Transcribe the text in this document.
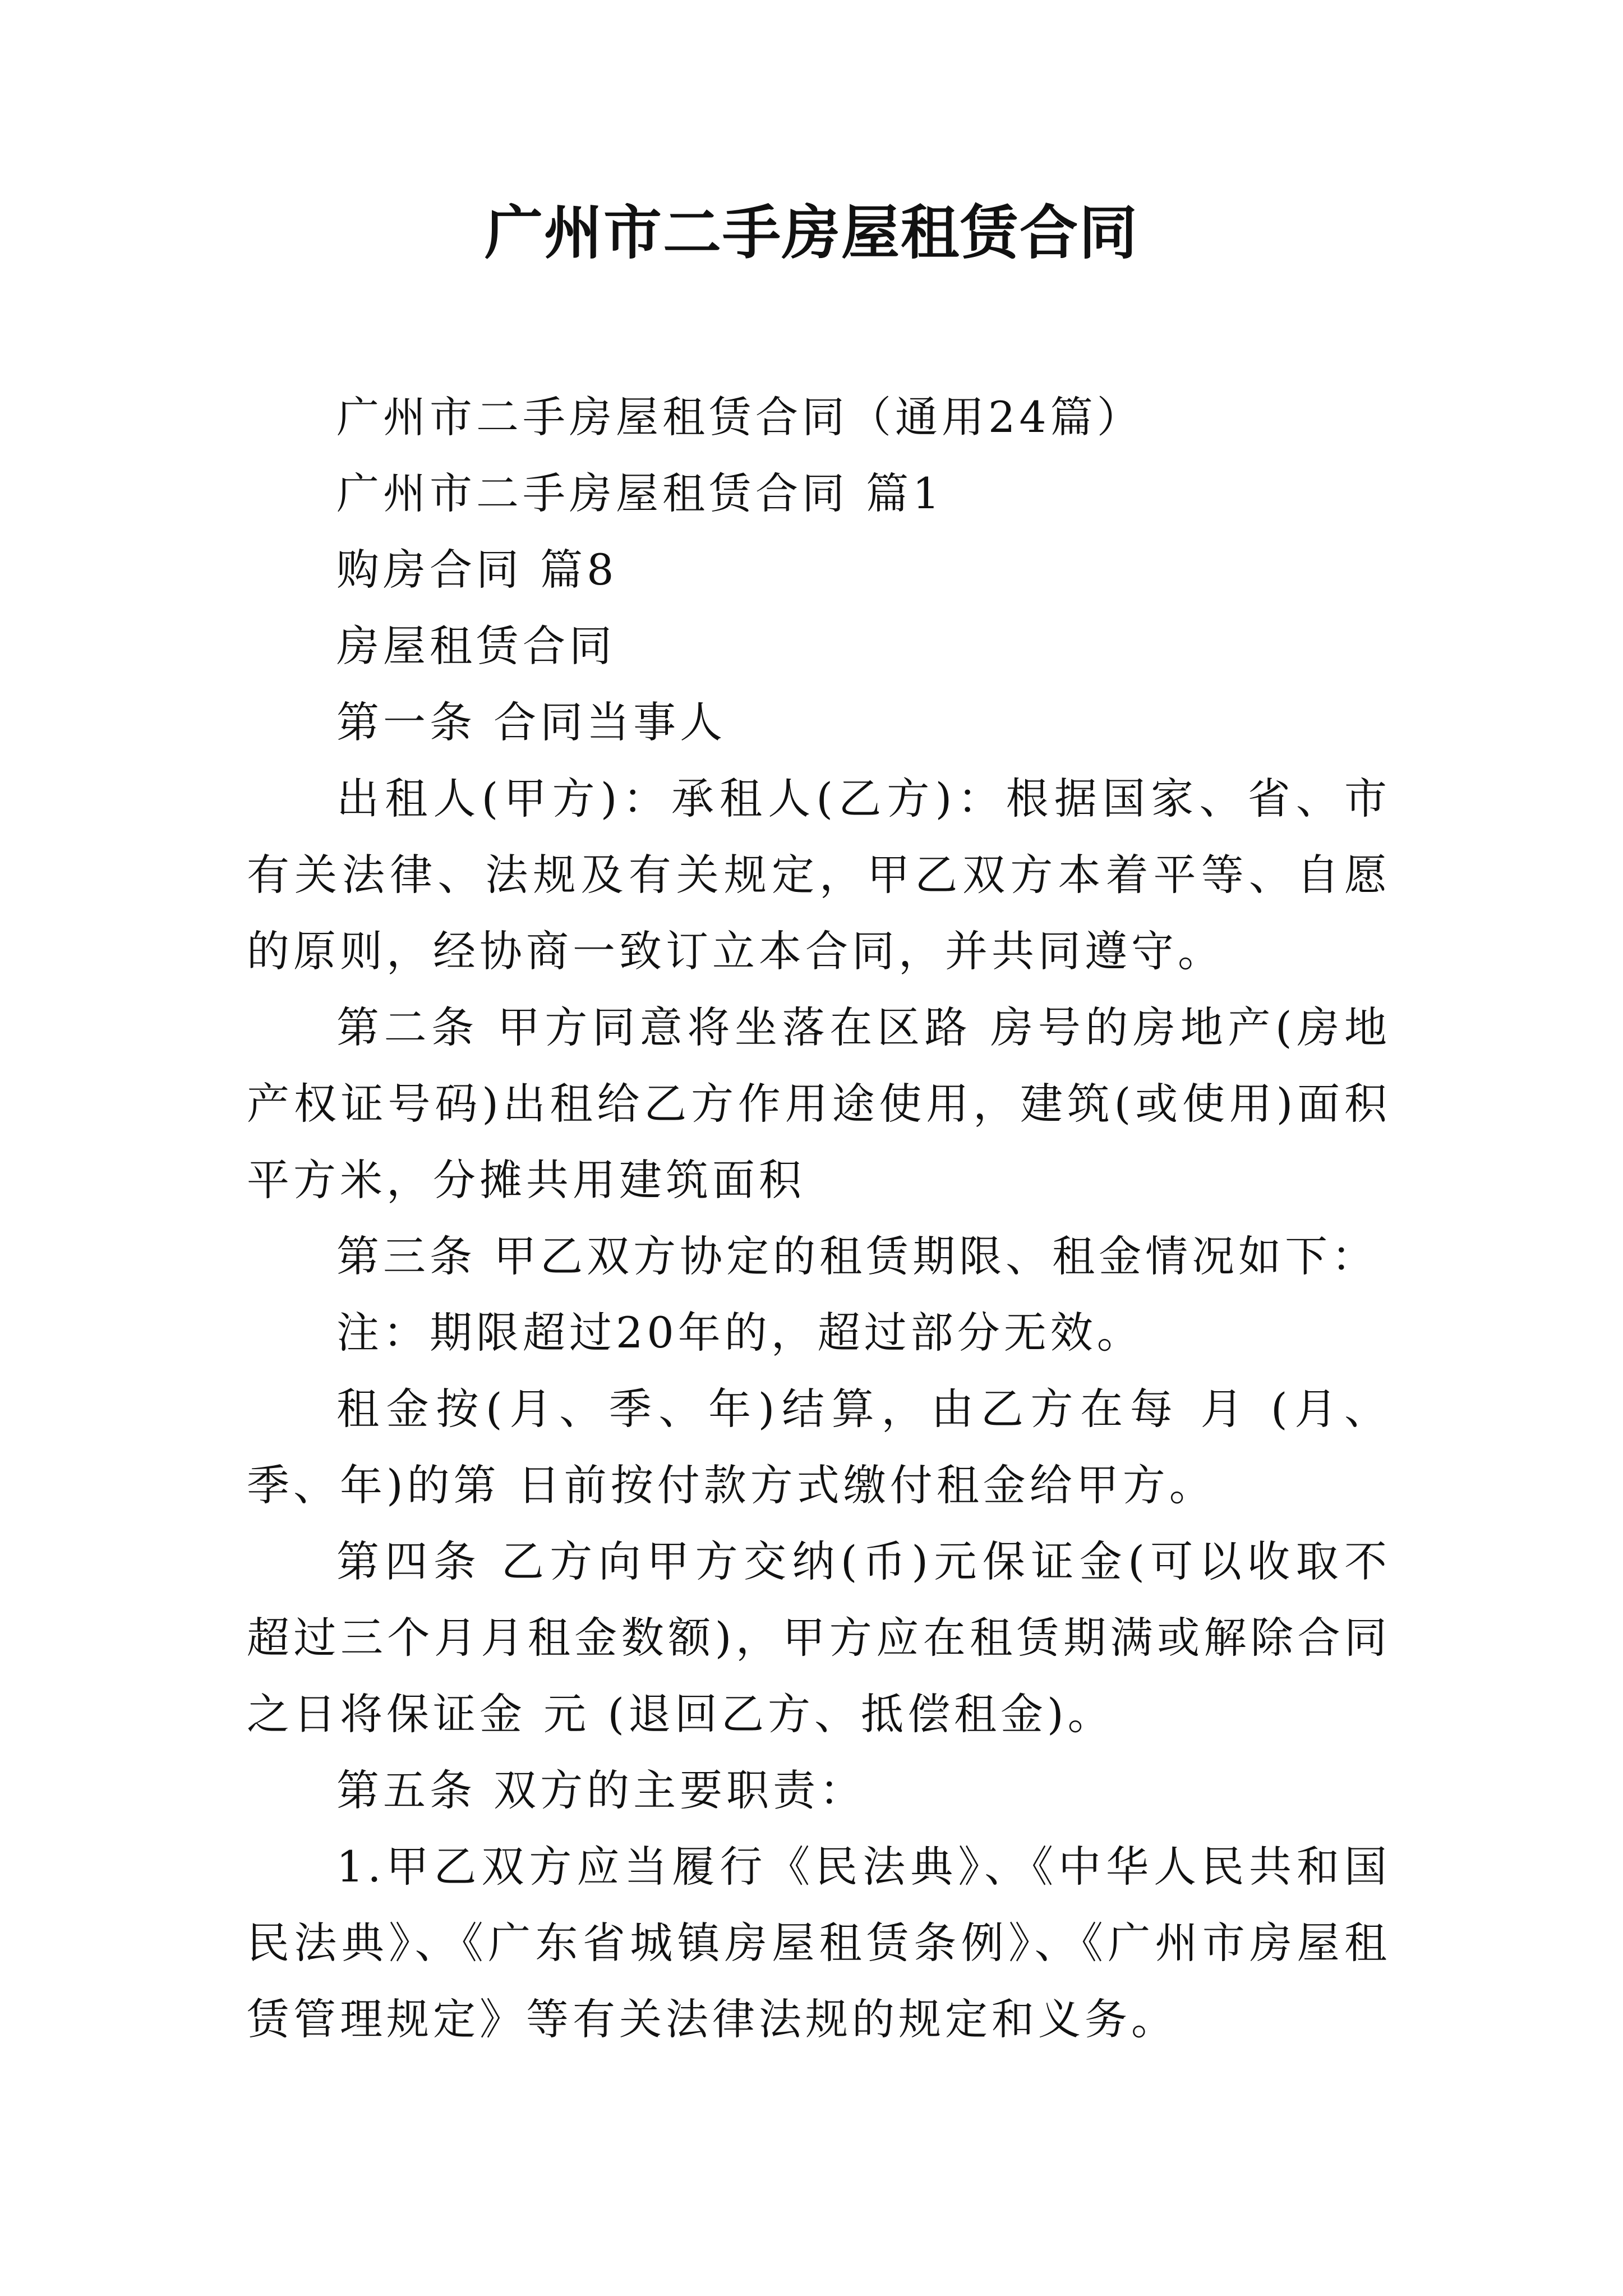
广州市二手房屋租赁合同

广州市二手房屋租赁合同（通用24篇）

广州市二手房屋租赁合同 篇1

购房合同 篇8

房屋租赁合同

第一条 合同当事人

出租人(甲方)：承租人(乙方)：根据国家、省、市有关法律、法规及有关规定，甲乙双方本着平等、自愿的原则，经协商一致订立本合同，并共同遵守。

第二条 甲方同意将坐落在区路 房号的房地产(房地产权证号码)出租给乙方作用途使用，建筑(或使用)面积平方米，分摊共用建筑面积

第三条 甲乙双方协定的租赁期限、租金情况如下：

注：期限超过20年的，超过部分无效。

租金按(月、季、年)结算，由乙方在每 月 (月、季、年)的第 日前按付款方式缴付租金给甲方。

第四条 乙方向甲方交纳(币)元保证金(可以收取不超过三个月月租金数额)，甲方应在租赁期满或解除合同之日将保证金 元 (退回乙方、抵偿租金)。

第五条 双方的主要职责：

1.甲乙双方应当履行《民法典》、《中华人民共和国民法典》、《广东省城镇房屋租赁条例》、《广州市房屋租赁管理规定》等有关法律法规的规定和义务。
